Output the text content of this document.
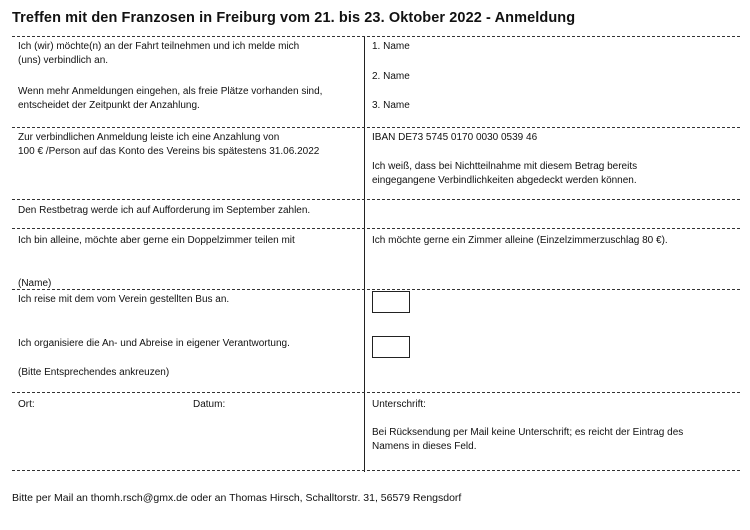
Treffen mit den Franzosen in Freiburg vom 21. bis 23. Oktober 2022 - Anmeldung
Ich (wir) möchte(n) an der Fahrt teilnehmen und ich melde mich
(uns) verbindlich an.
Wenn mehr Anmeldungen eingehen, als freie Plätze vorhanden sind,
entscheidet der Zeitpunkt der Anzahlung.
Zur verbindlichen Anmeldung leiste ich eine Anzahlung von
100 € /Person auf das Konto des Vereins bis spätestens 31.06.2022
Den Restbetrag werde ich auf Aufforderung im September zahlen.
Ich bin alleine, möchte aber gerne ein Doppelzimmer teilen mit
(Name)
Ich reise mit dem vom Verein gestellten Bus an.
Ich organisiere die An- und Abreise in eigener Verantwortung.
(Bitte Entsprechendes ankreuzen)
Ort:	Datum:
1. Name
2. Name
3. Name
IBAN DE73 5745 0170 0030 0539 46
Ich weiß, dass bei Nichtteilnahme mit diesem Betrag bereits
eingegangene Verbindlichkeiten abgedeckt werden können.
Ich möchte gerne ein Zimmer alleine (Einzelzimmerzuschlag 80 €).
Unterschrift:
Bei Rücksendung per Mail keine Unterschrift; es reicht der Eintrag des
Namens in dieses Feld.
Bitte per Mail an thomh.rsch@gmx.de oder an Thomas Hirsch, Schalltorstr. 31, 56579 Rengsdorf
